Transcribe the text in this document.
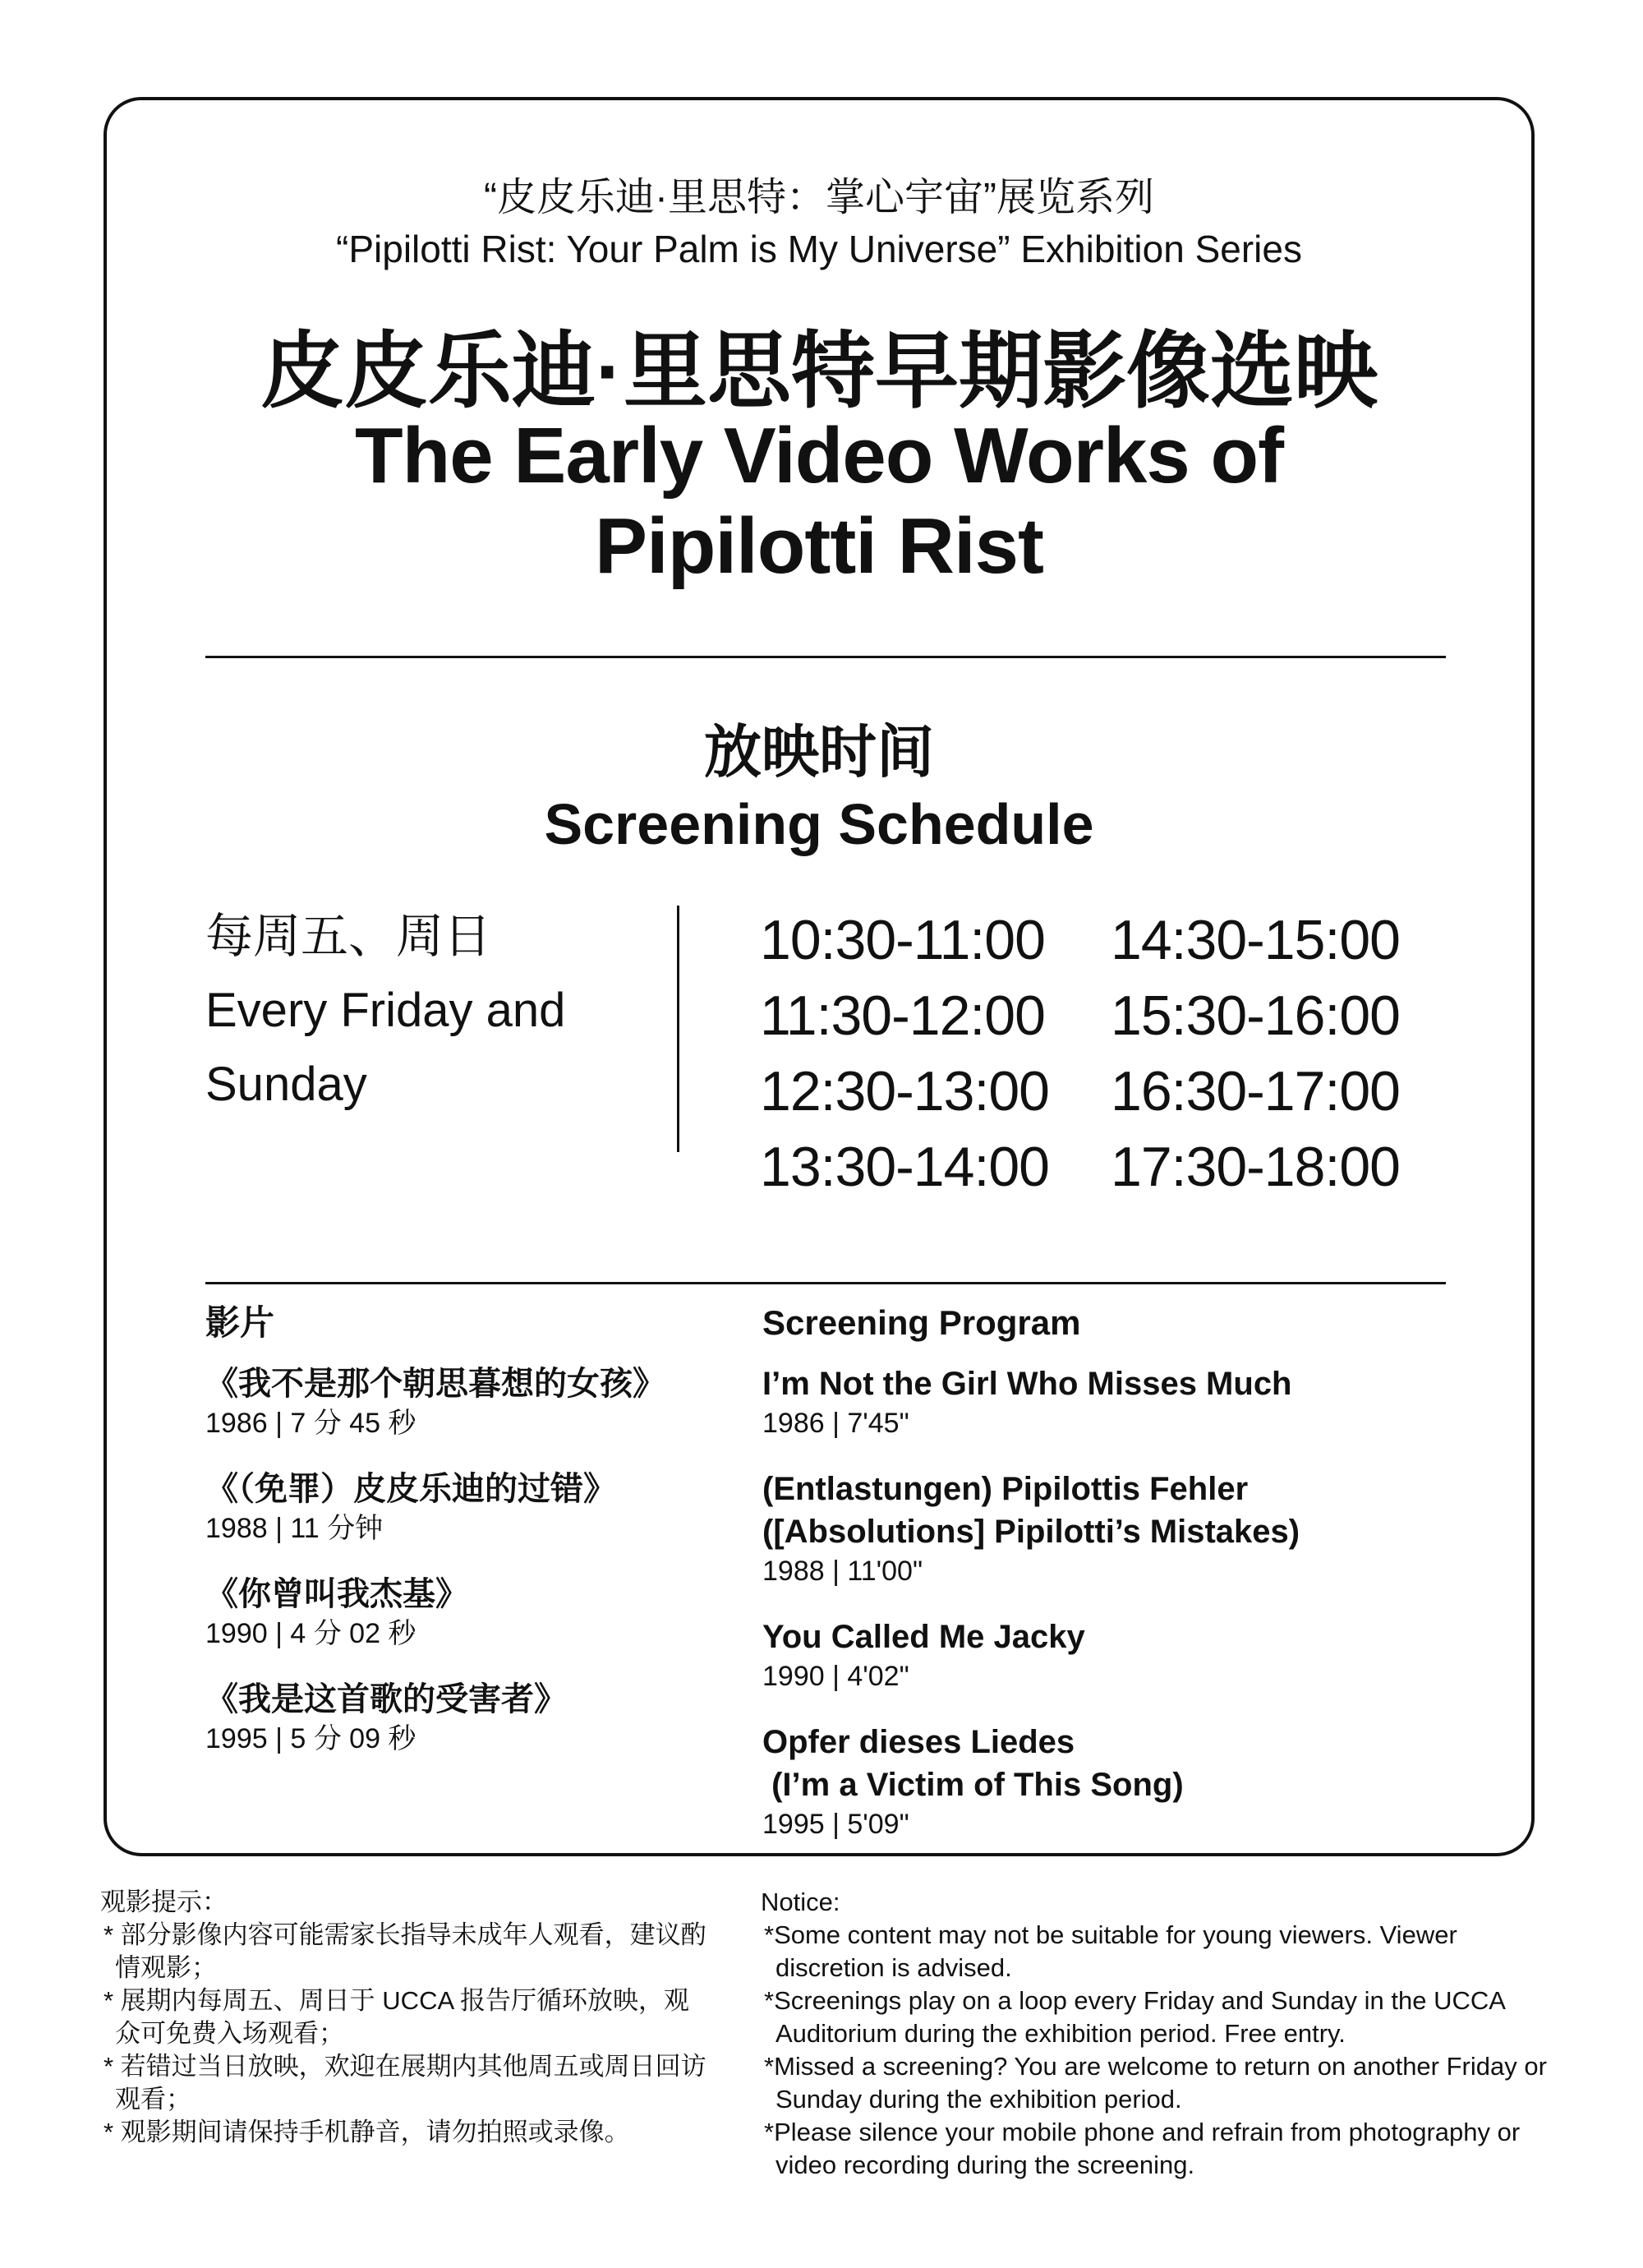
“皮皮乐迪·里思特：掌心宇宙”展览系列
“Pipilotti Rist: Your Palm is My Universe” Exhibition Series
皮皮乐迪·里思特早期影像选映
The Early Video Works of
Pipilotti Rist
放映时间
Screening Schedule
每周五、周日
Every Friday and
Sunday
10:30-11:00
11:30-12:00
12:30-13:00
13:30-14:00
14:30-15:00
15:30-16:00
16:30-17:00
17:30-18:00
影片
《我不是那个朝思暮想的女孩》
1986 | 7 分 45 秒
《（免罪）皮皮乐迪的过错》
1988 | 11 分钟
《你曾叫我杰基》
1990 | 4 分 02 秒
《我是这首歌的受害者》
1995 | 5 分 09 秒
Screening Program
I’m Not the Girl Who Misses Much
1986 | 7'45"
(Entlastungen) Pipilottis Fehler
([Absolutions] Pipilotti’s Mistakes)
1988 | 11'00"
You Called Me Jacky
1990 | 4'02"
Opfer dieses Liedes
(I’m a Victim of This Song)
1995 | 5'09"
观影提示：
* 部分影像内容可能需家长指导未成年人观看，建议酌情观影；
* 展期内每周五、周日于 UCCA 报告厅循环放映，观众可免费入场观看；
* 若错过当日放映，欢迎在展期内其他周五或周日回访观看；
* 观影期间请保持手机静音，请勿拍照或录像。
Notice:
*Some content may not be suitable for young viewers. Viewer discretion is advised.
*Screenings play on a loop every Friday and Sunday in the UCCA Auditorium during the exhibition period. Free entry.
*Missed a screening? You are welcome to return on another Friday or Sunday during the exhibition period.
*Please silence your mobile phone and refrain from photography or video recording during the screening.
